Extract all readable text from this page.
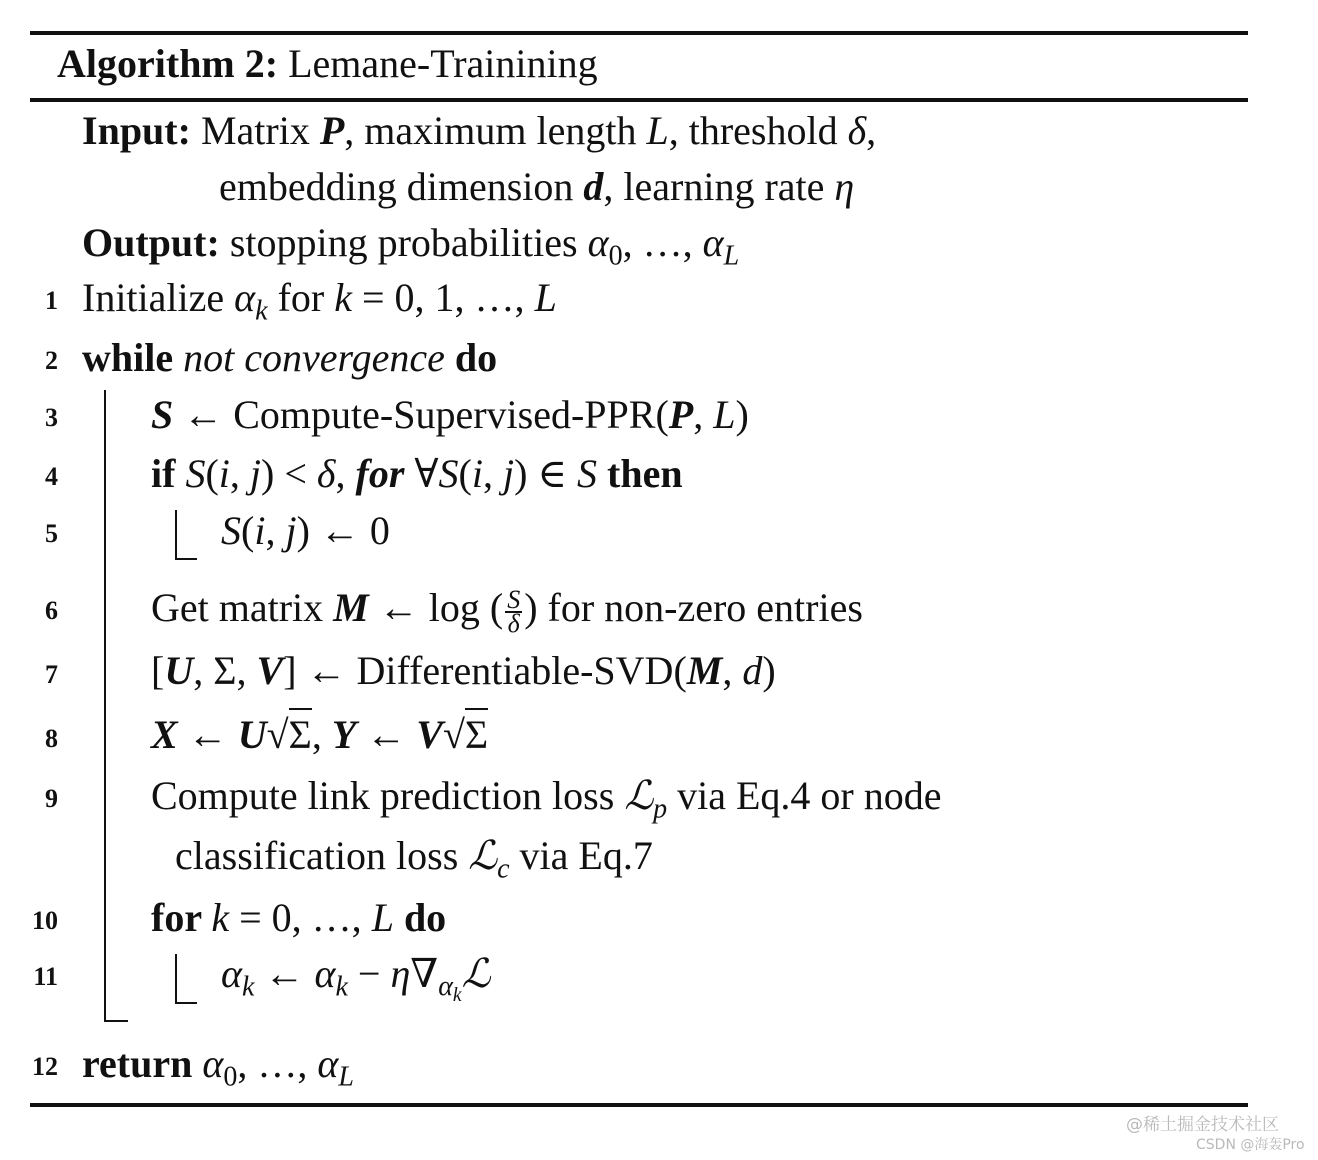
Algorithm 2: Lemane-Trainining
Input: Matrix P, maximum length L, threshold δ,
embedding dimension d, learning rate η
Output: stopping probabilities $\alpha_0$, …, $\alpha_L$
1
2
3
4
5
6
7
8
9
10
11
12
Initialize $\alpha_k$ for k = 0, 1, …, L
while not convergence do
S ← Compute-Supervised-PPR(P, L)
if S(i, j) < δ, for ∀S(i, j) ∈ S then
S(i, j) ← 0
Get matrix M ← log ( $\frac{S}{\delta}$ ) for non-zero entries
[U, Σ, V] ← Differentiable-SVD(M, d)
X ← U√Σ, Y ← V√Σ
Compute link prediction loss ℒ$_p$ via Eq.4 or node
classification loss ℒ$_c$ via Eq.7
for k = 0, …, L do
$\alpha_k$ ← $\alpha_k$ − $\eta\nabla_{\alpha_k}ℒ$
return $\alpha_0$, …, $\alpha_L$
@稀土掘金技术社区
CSDN @海轰Pro
